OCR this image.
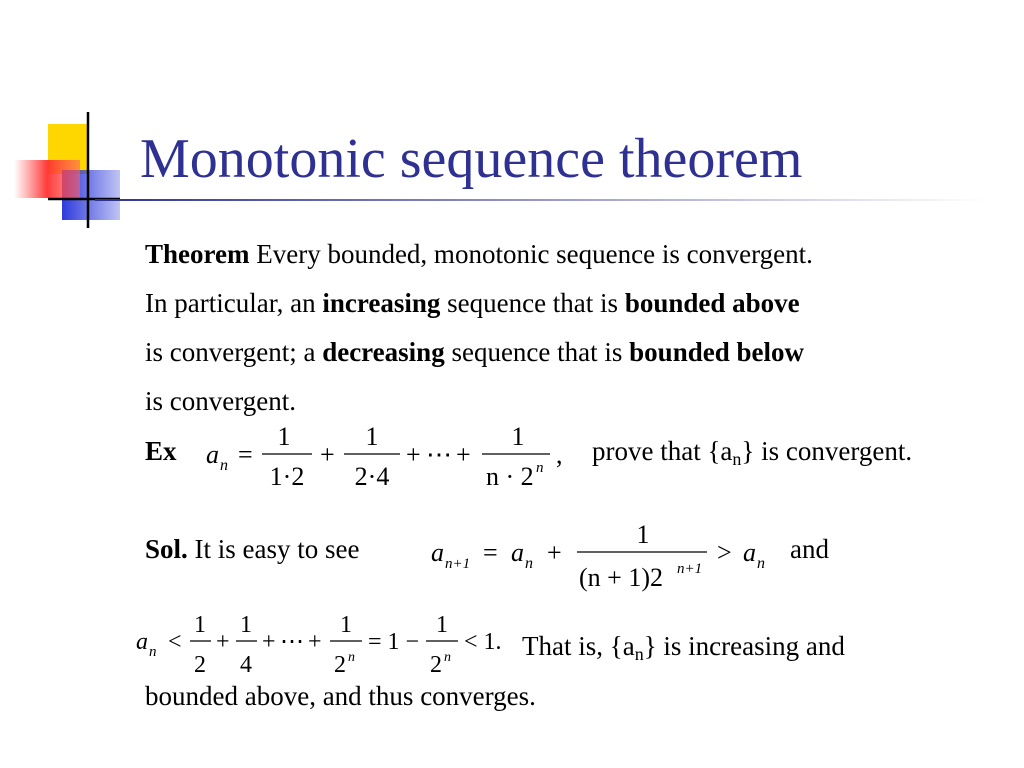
Monotonic sequence theorem
Theorem Every bounded, monotonic sequence is convergent.
In particular, an increasing sequence that is bounded above
is convergent; a decreasing sequence that is bounded below
is convergent.
Ex a n =
1
1·2
+
1
2·4
+ ⋯ +
1
n · 2 n , prove that $\{a_n\}$ is convergent.
Sol. It is easy to see	a n+1 = a n +
1
(n + 1)2 n+1
> a n and
a n <
1
2
+
1
4
+ ⋯ +
1
2 n
= 1 −
1
2 n
< 1. That is, $\{a_n\}$ is increasing and
bounded above, and thus converges.
